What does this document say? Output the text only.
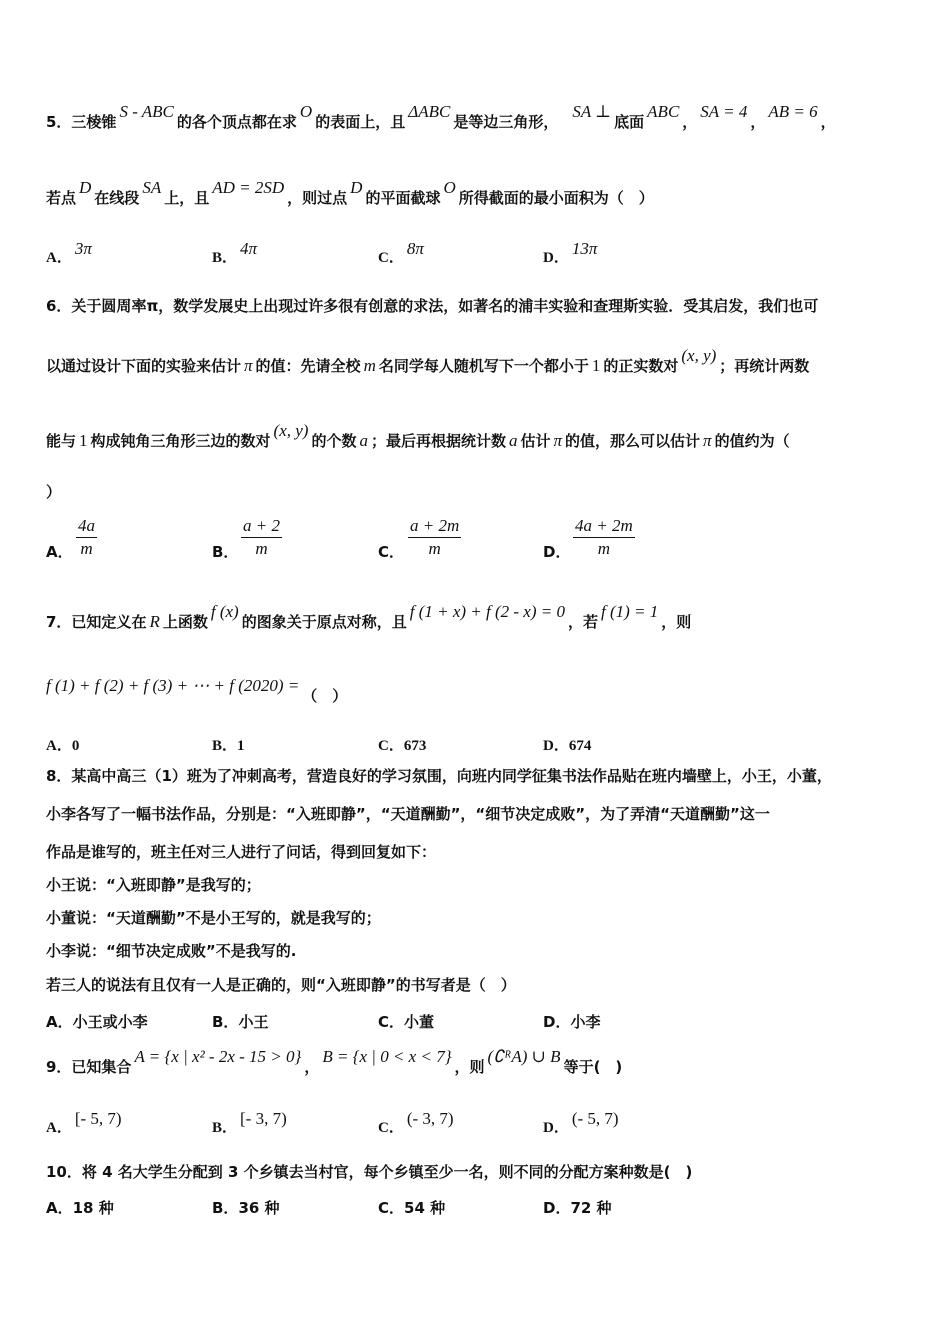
5．三棱锥S - ABC的各个顶点都在求O的表面上，且ΔABC是等边三角形，SA ⊥底面ABC，SA = 4，AB = 6，
若点D在线段SA上，且AD = 2SD，则过点D的平面截球O所得截面的最小面积为（　）
A． 3π	B． 4π	C． 8π	D． 13π
6．关于圆周率π，数学发展史上出现过许多很有创意的求法，如著名的浦丰实验和查理斯实验．受其启发，我们也可
以通过设计下面的实验来估计 π 的值：先请全校 m 名同学每人随机写下一个都小于 1 的正实数对(x, y)；再统计两数
能与 1 构成钝角三角形三边的数对(x, y)的个数 a ；最后再根据统计数 a 估计 π 的值，那么可以估计 π 的值约为（
）
A． $\frac{4a}{m}$	B． $\frac{a + 2}{m}$	C． $\frac{a + 2m}{m}$	D． $\frac{4a + 2m}{m}$
7．已知定义在 R 上函数f (x)的图象关于原点对称，且f (1 + x) + f (2 - x) = 0，若f (1) = 1，则
f (1) + f (2) + f (3) + ⋯ + f (2020) =（　）
A．0	B．1	C．673	D．674
8．某高中高三（1）班为了冲刺高考，营造良好的学习氛围，向班内同学征集书法作品贴在班内墙壁上，小王，小董，
小李各写了一幅书法作品，分别是：“入班即静”，“天道酬勤”，“细节决定成败”，为了弄清“天道酬勤”这一
作品是谁写的，班主任对三人进行了问话，得到回复如下：
小王说：“入班即静”是我写的；
小董说：“天道酬勤”不是小王写的，就是我写的；
小李说：“细节决定成败”不是我写的.
若三人的说法有且仅有一人是正确的，则“入班即静”的书写者是（　）
A．小王或小李	B．小王	C．小董	D．小李
9．已知集合A = {x | x² - 2x - 15 > 0}，B = {x | 0 < x < 7}，则(∁ᴿA) ∪ B等于(　)
A． [- 5, 7)	B． [- 3, 7)	C． (- 3, 7)	D． (- 5, 7)
10．将 4 名大学生分配到 3 个乡镇去当村官，每个乡镇至少一名，则不同的分配方案种数是(　)
A．18 种	B．36 种	C．54 种	D．72 种
